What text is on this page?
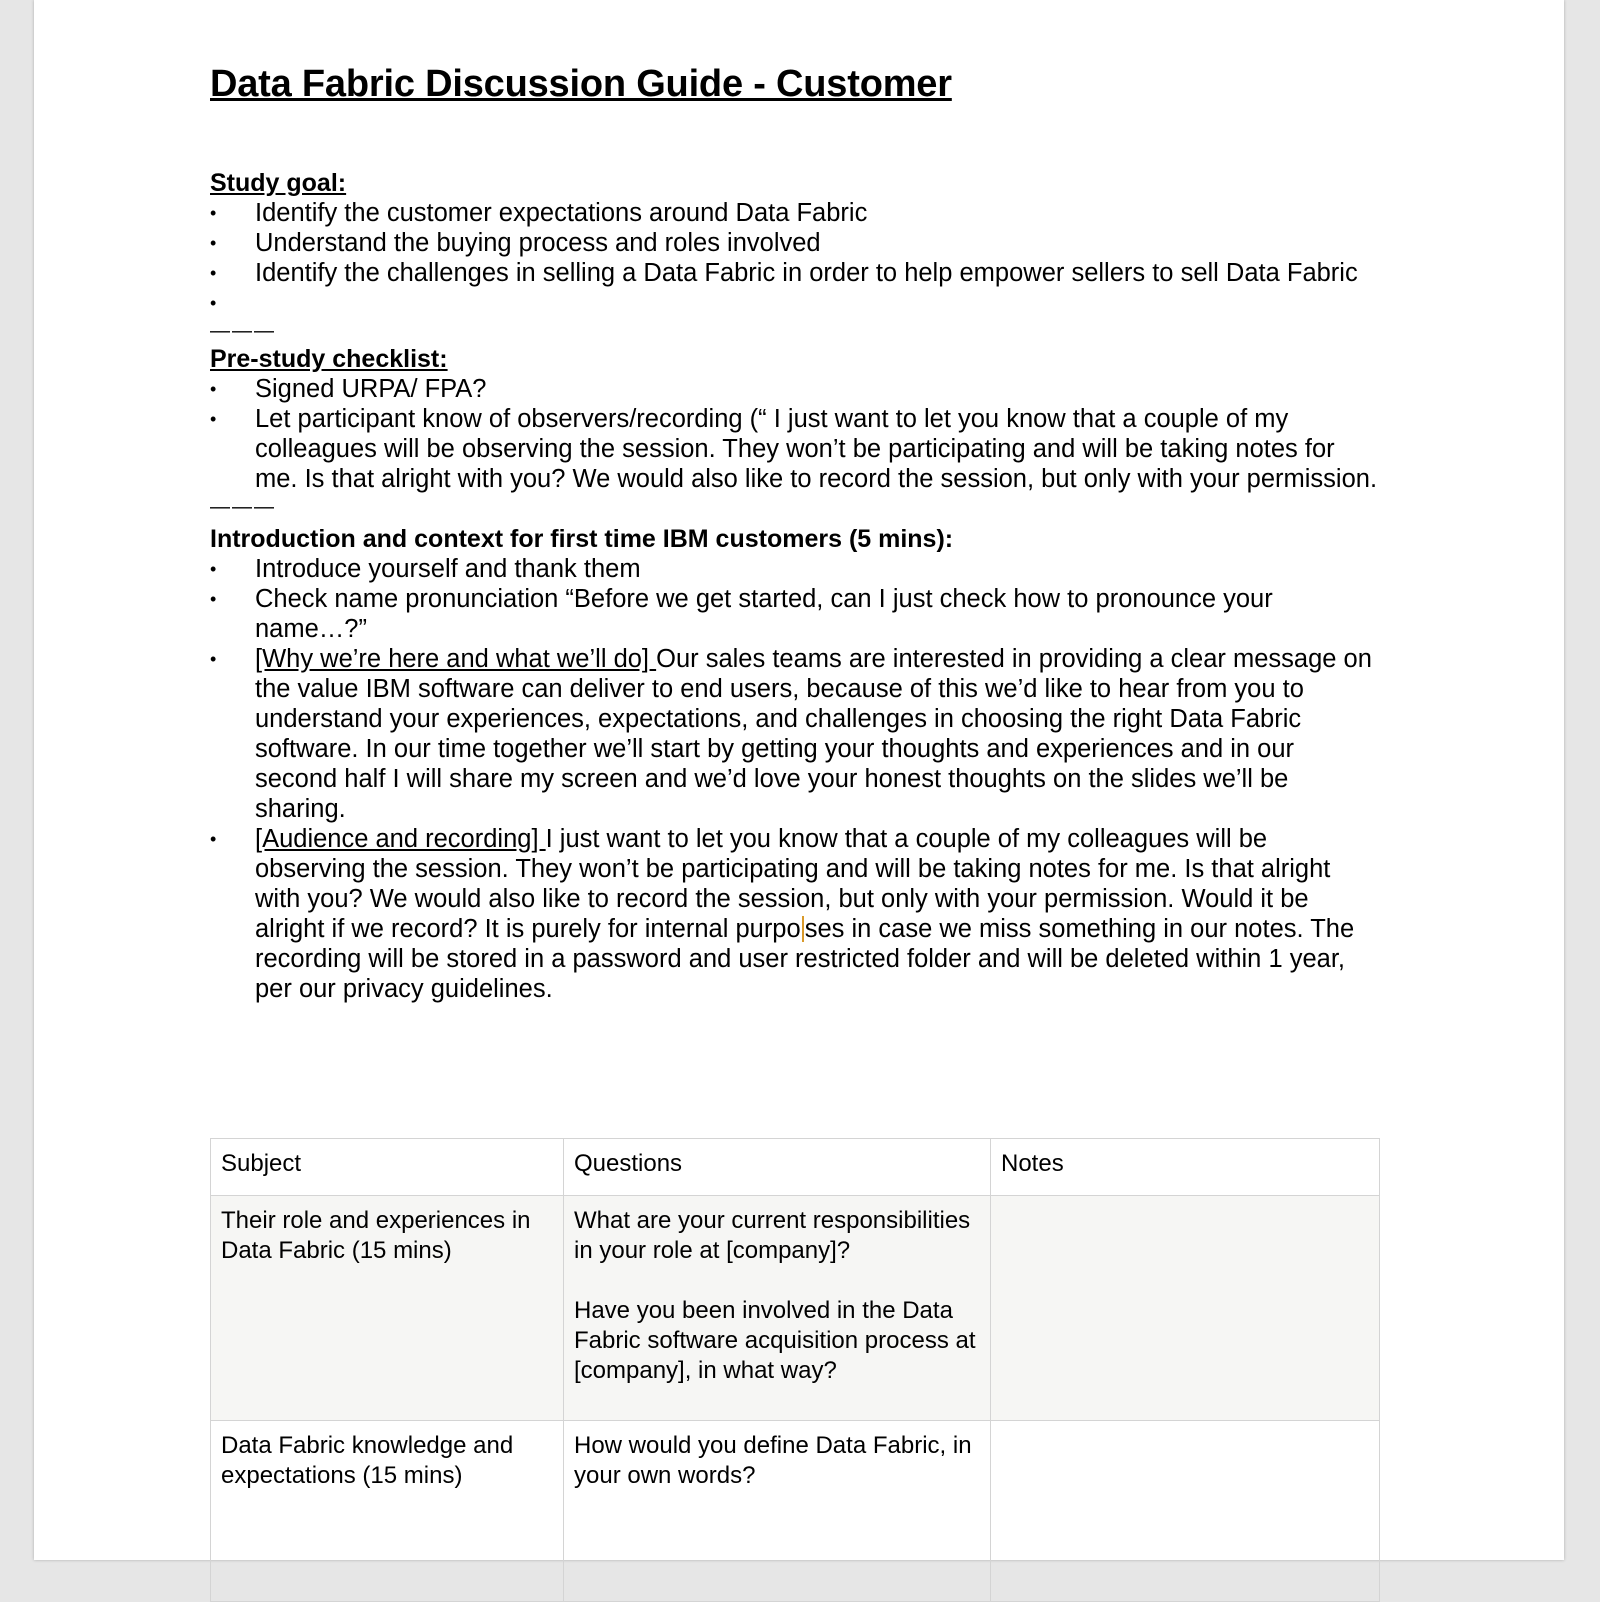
Data Fabric Discussion Guide - Customer

Study goal:

• Identify the customer expectations around Data Fabric
• Understand the buying process and roles involved
• Identify the challenges in selling a Data Fabric in order to help empower sellers to sell Data Fabric
•
———

Pre-study checklist:

• Signed URPA/ FPA?
• Let participant know of observers/recording (“ I just want to let you know that a couple of my colleagues will be observing the session. They won’t be participating and will be taking notes for me. Is that alright with you? We would also like to record the session, but only with your permission.
———

Introduction and context for first time IBM customers (5 mins):

• Introduce yourself and thank them
• Check name pronunciation “Before we get started, can I just check how to pronounce your name…?”
• [Why we’re here and what we’ll do] Our sales teams are interested in providing a clear message on the value IBM software can deliver to end users, because of this we’d like to hear from you to understand your experiences, expectations, and challenges in choosing the right Data Fabric software. In our time together we’ll start by getting your thoughts and experiences and in our second half I will share my screen and we’d love your honest thoughts on the slides we’ll be sharing.
• [Audience and recording] I just want to let you know that a couple of my colleagues will be observing the session. They won’t be participating and will be taking notes for me. Is that alright with you? We would also like to record the session, but only with your permission. Would it be alright if we record? It is purely for internal purpo ses in case we miss something in our notes. The recording will be stored in a password and user restricted folder and will be deleted within 1 year, per our privacy guidelines.
Subject	Questions	Notes
Their role and experiences in Data Fabric (15 mins)	What are your current responsibilities in your role at [company]?

Have you been involved in the Data Fabric software acquisition process at [company], in what way?	

Data Fabric knowledge and expectations (15 mins)	How would you define Data Fabric, in your own words?	
